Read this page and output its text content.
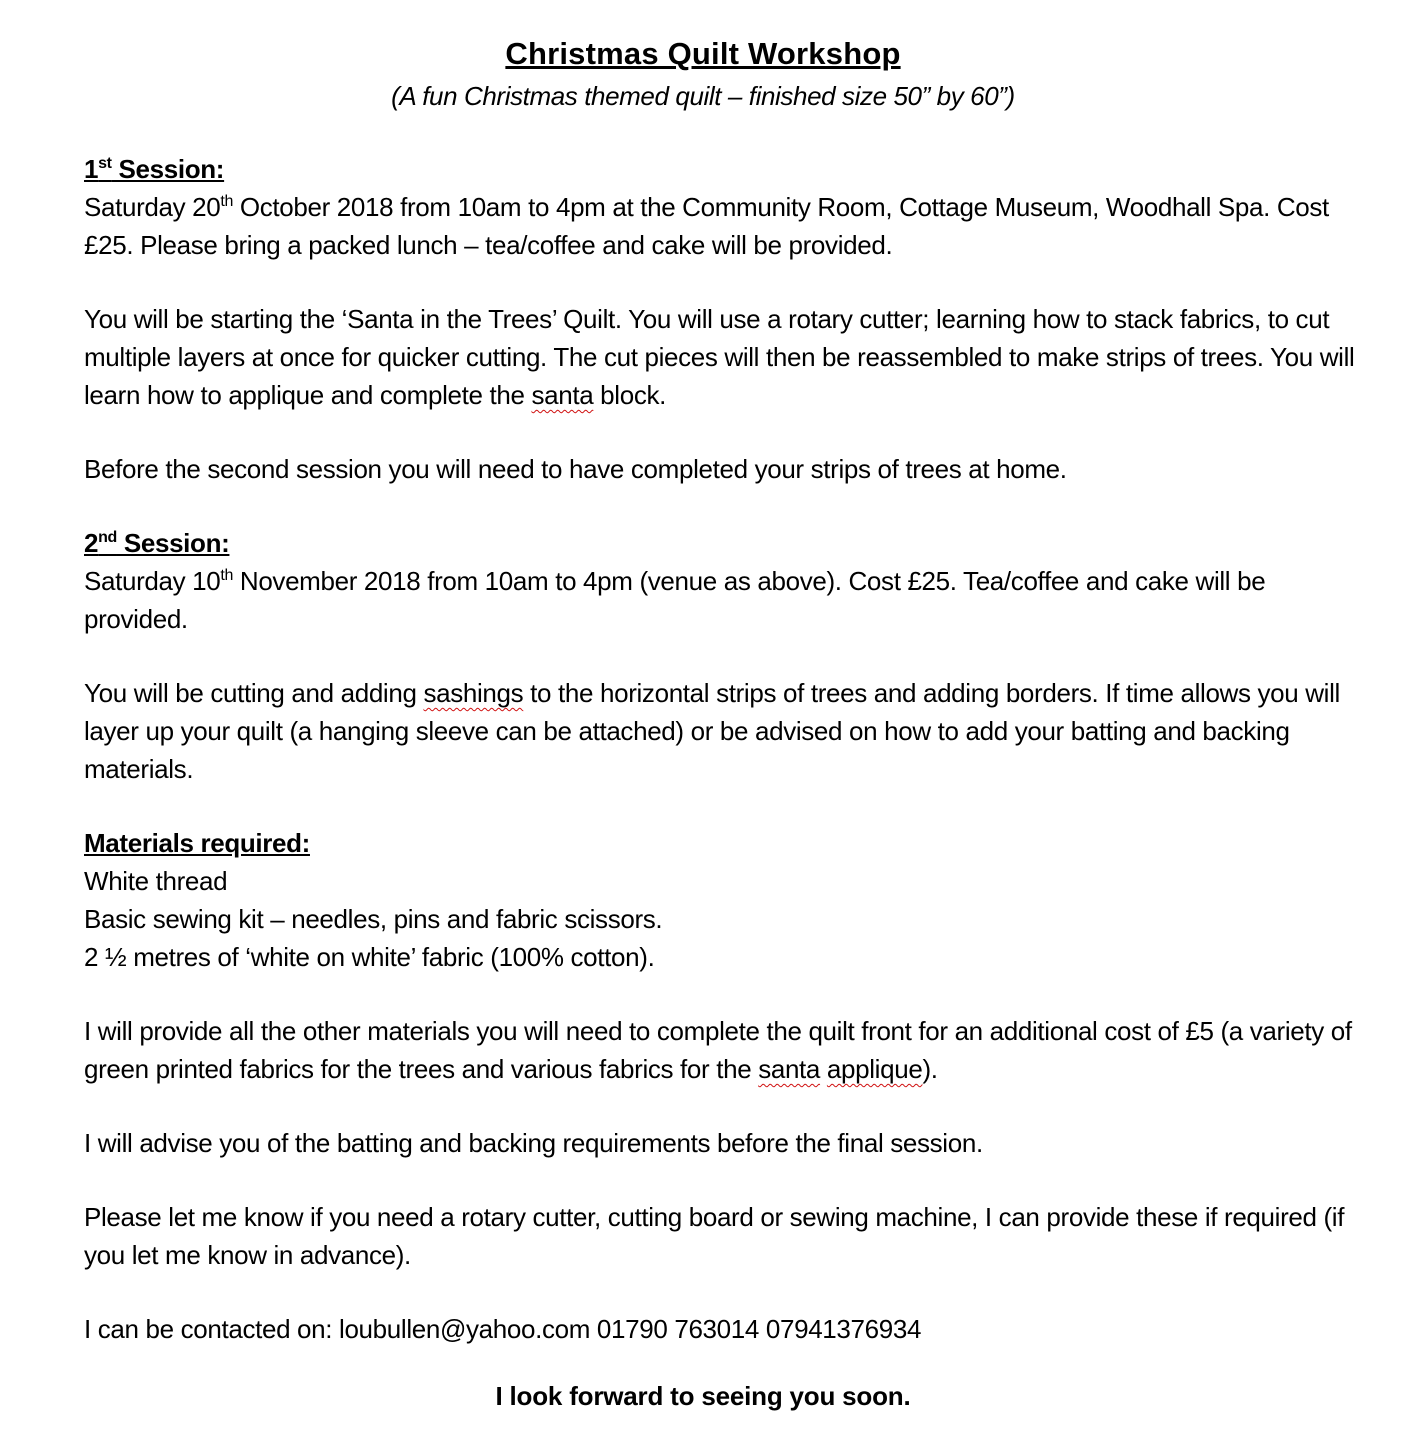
Christmas Quilt Workshop
(A fun Christmas themed quilt – finished size 50” by 60”)

1st Session:

Saturday 20th October 2018 from 10am to 4pm at the Community Room, Cottage Museum, Woodhall Spa. Cost £25. Please bring a packed lunch – tea/coffee and cake will be provided.

You will be starting the ‘Santa in the Trees’ Quilt. You will use a rotary cutter; learning how to stack fabrics, to cut multiple layers at once for quicker cutting. The cut pieces will then be reassembled to make strips of trees. You will learn how to applique and complete the santa block.

Before the second session you will need to have completed your strips of trees at home.

2nd Session:

Saturday 10th November 2018 from 10am to 4pm (venue as above). Cost £25. Tea/coffee and cake will be provided.

You will be cutting and adding sashings to the horizontal strips of trees and adding borders. If time allows you will layer up your quilt (a hanging sleeve can be attached) or be advised on how to add your batting and backing materials.

Materials required:

White thread

Basic sewing kit – needles, pins and fabric scissors.

2 ½ metres of ‘white on white’ fabric (100% cotton).

I will provide all the other materials you will need to complete the quilt front for an additional cost of £5 (a variety of green printed fabrics for the trees and various fabrics for the santa applique).

I will advise you of the batting and backing requirements before the final session.

Please let me know if you need a rotary cutter, cutting board or sewing machine, I can provide these if required (if you let me know in advance).

I can be contacted on: loubullen@yahoo.com 01790 763014 07941376934

I look forward to seeing you soon.
